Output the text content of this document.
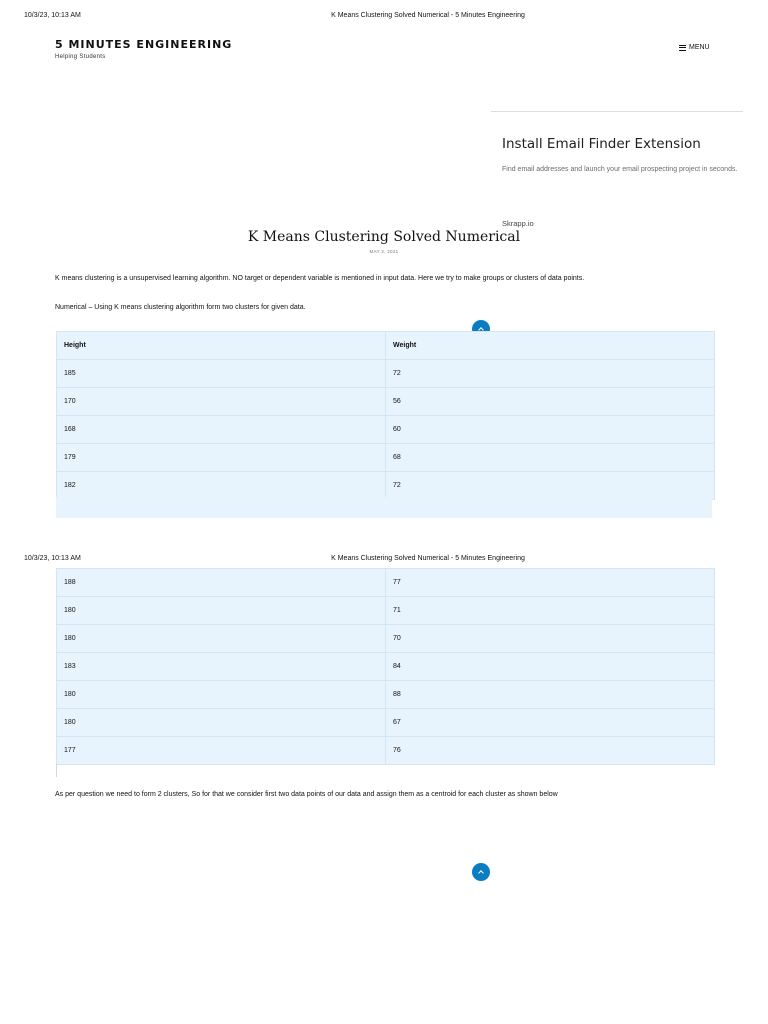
10/3/23, 10:13 AM	K Means Clustering Solved Numerical - 5 Minutes Engineering
5 MINUTES ENGINEERING
Helping Students
MENU
Install Email Finder Extension
Find email addresses and launch your email prospecting project in seconds.
Skrapp.io
K Means Clustering Solved Numerical
MAY 2, 2021

K means clustering is a unsupervised learning algorithm. NO target or dependent variable is mentioned in input data. Here we try to make groups or clusters of data points.

Numerical – Using K means clustering algorithm form two clusters for given data.

Height	Weight
185	72
170	56
168	60
179	68
182	72
10/3/23, 10:13 AM	K Means Clustering Solved Numerical - 5 Minutes Engineering
188	77
180	71
180	70
183	84
180	88
180	67
177	76

As per question we need to form 2 clusters, So for that we consider first two data points of our data and assign them as a centroid for each cluster as shown below
